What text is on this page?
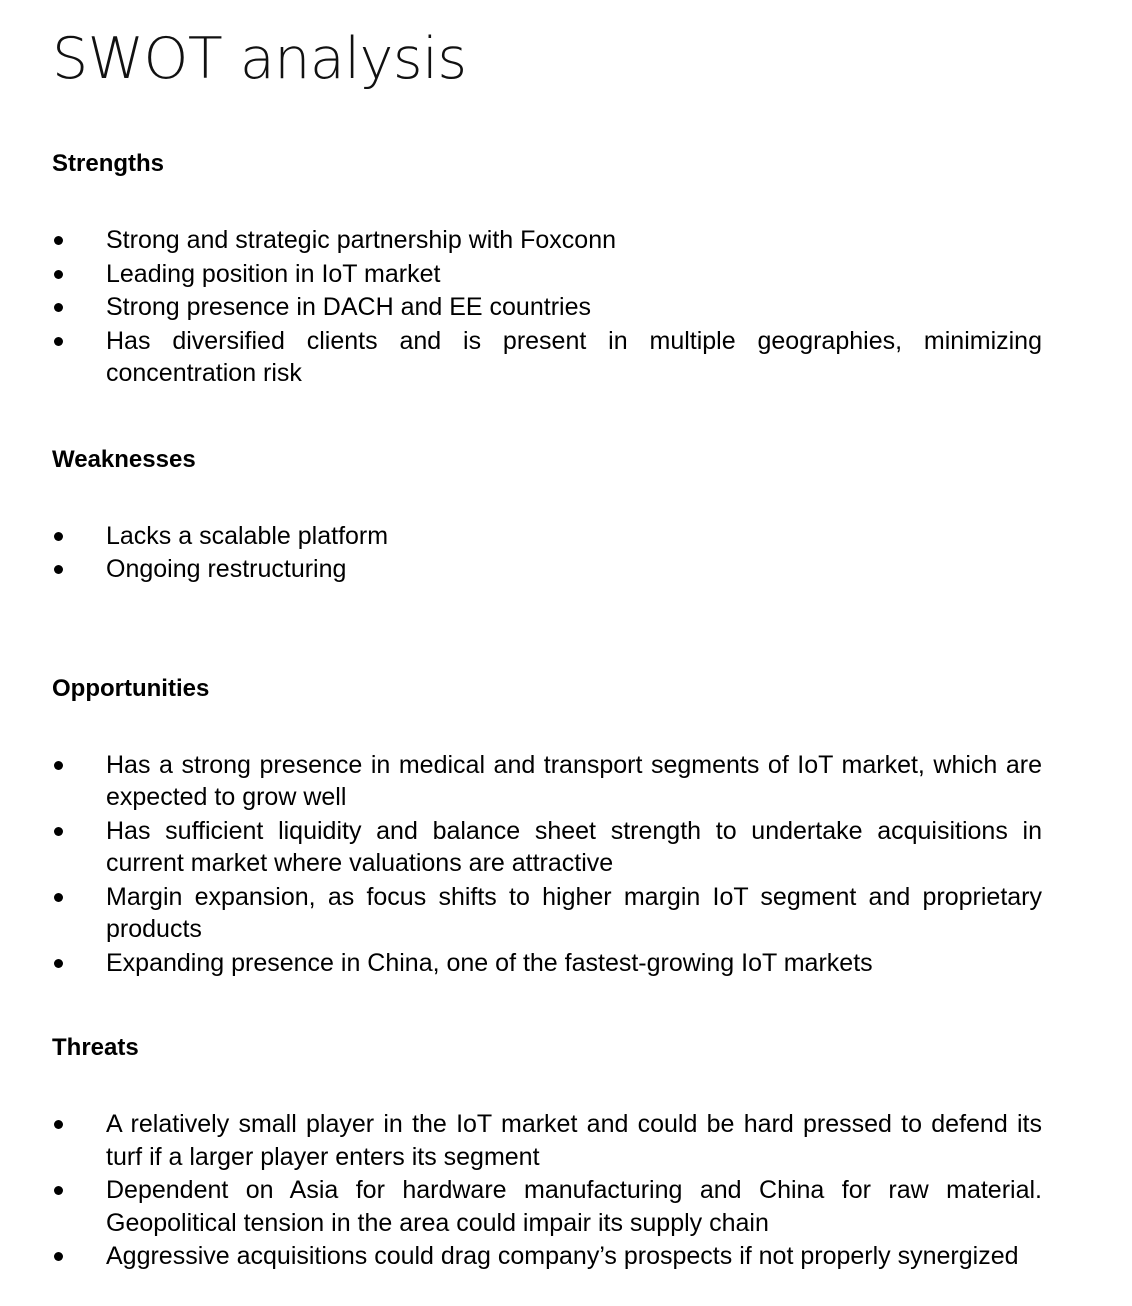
SWOT analysis
Strengths
Strong and strategic partnership with Foxconn
Leading position in IoT market
Strong presence in DACH and EE countries
Has diversified clients and is present in multiple geographies, minimizing concentration risk
Weaknesses
Lacks a scalable platform
Ongoing restructuring
Opportunities
Has a strong presence in medical and transport segments of IoT market, which are expected to grow well
Has sufficient liquidity and balance sheet strength to undertake acquisitions in current market where valuations are attractive
Margin expansion, as focus shifts to higher margin IoT segment and proprietary products
Expanding presence in China, one of the fastest-growing IoT markets
Threats
A relatively small player in the IoT market and could be hard pressed to defend its turf if a larger player enters its segment
Dependent on Asia for hardware manufacturing and China for raw material. Geopolitical tension in the area could impair its supply chain
Aggressive acquisitions could drag company’s prospects if not properly synergized
